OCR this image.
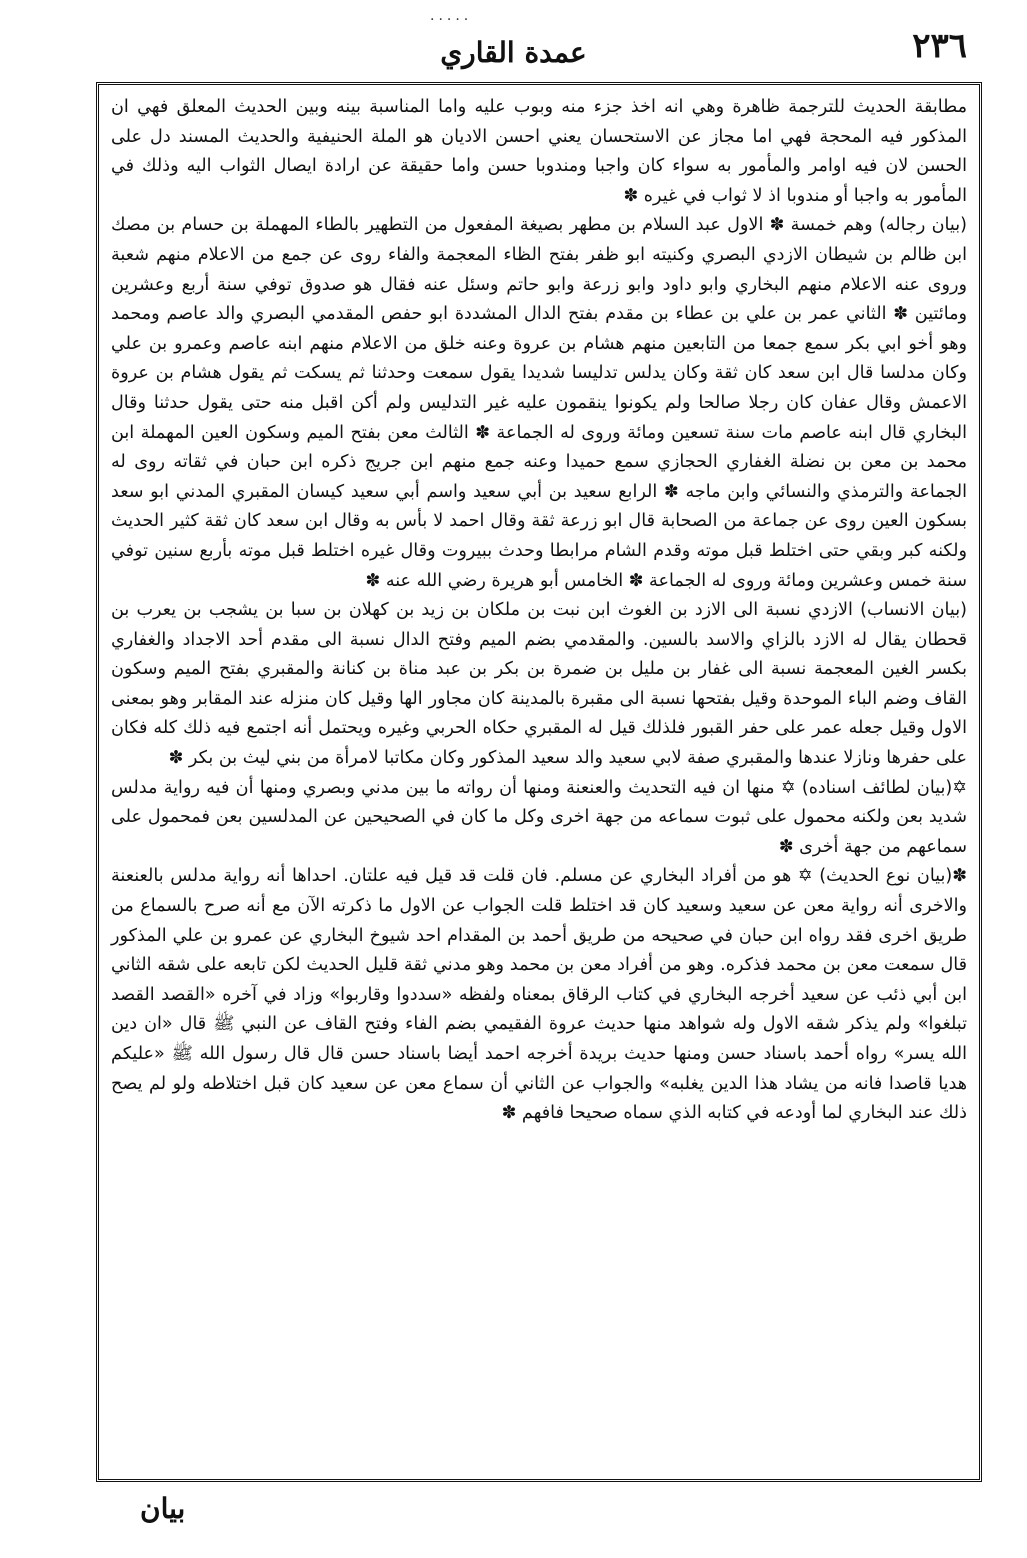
.....
عمدة القاري	٢٣٦

مطابقة الحديث للترجمة ظاهرة وهي انه اخذ جزء منه وبوب عليه واما المناسبة بينه وبين الحديث المعلق فهي ان المذكور فيه المحجة فهي اما مجاز عن الاستحسان يعني احسن الاديان هو الملة الحنيفية والحديث المسند دل على الحسن لان فيه اوامر والمأمور به سواء كان واجبا ومندوبا حسن واما حقيقة عن ارادة ايصال الثواب اليه وذلك في المأمور به واجبا أو مندوبا اذ لا ثواب في غيره ✽

(بيان رجاله) وهم خمسة ✽ الاول عبد السلام بن مطهر بصيغة المفعول من التطهير بالطاء المهملة بن حسام بن مصك ابن ظالم بن شيطان الازدي البصري وكنيته ابو ظفر بفتح الظاء المعجمة والفاء روى عن جمع من الاعلام منهم شعبة وروى عنه الاعلام منهم البخاري وابو داود وابو زرعة وابو حاتم وسئل عنه فقال هو صدوق توفي سنة أربع وعشرين ومائتين ✽ الثاني عمر بن علي بن عطاء بن مقدم بفتح الدال المشددة ابو حفص المقدمي البصري والد عاصم ومحمد وهو أخو ابي بكر سمع جمعا من التابعين منهم هشام بن عروة وعنه خلق من الاعلام منهم ابنه عاصم وعمرو بن علي وكان مدلسا قال ابن سعد كان ثقة وكان يدلس تدليسا شديدا يقول سمعت وحدثنا ثم يسكت ثم يقول هشام بن عروة الاعمش وقال عفان كان رجلا صالحا ولم يكونوا ينقمون عليه غير التدليس ولم أكن اقبل منه حتى يقول حدثنا وقال البخاري قال ابنه عاصم مات سنة تسعين ومائة وروى له الجماعة ✽ الثالث معن بفتح الميم وسكون العين المهملة ابن محمد بن معن بن نضلة الغفاري الحجازي سمع حميدا وعنه جمع منهم ابن جريج ذكره ابن حبان في ثقاته روى له الجماعة والترمذي والنسائي وابن ماجه ✽ الرابع سعيد بن أبي سعيد واسم أبي سعيد كيسان المقبري المدني ابو سعد بسكون العين روى عن جماعة من الصحابة قال ابو زرعة ثقة وقال احمد لا بأس به وقال ابن سعد كان ثقة كثير الحديث ولكنه كبر وبقي حتى اختلط قبل موته وقدم الشام مرابطا وحدث ببيروت وقال غيره اختلط قبل موته بأربع سنين توفي سنة خمس وعشرين ومائة وروى له الجماعة ✽ الخامس أبو هريرة رضي الله عنه ✽

(بيان الانساب) الازدي نسبة الى الازد بن الغوث ابن نبت بن ملكان بن زيد بن كهلان بن سبا بن يشجب بن يعرب بن قحطان يقال له الازد بالزاي والاسد بالسين. والمقدمي بضم الميم وفتح الدال نسبة الى مقدم أحد الاجداد والغفاري بكسر الغين المعجمة نسبة الى غفار بن مليل بن ضمرة بن بكر بن عبد مناة بن كنانة والمقبري بفتح الميم وسكون القاف وضم الباء الموحدة وقيل بفتحها نسبة الى مقبرة بالمدينة كان مجاور الها وقيل كان منزله عند المقابر وهو بمعنى الاول وقيل جعله عمر على حفر القبور فلذلك قيل له المقبري حكاه الحربي وغيره ويحتمل أنه اجتمع فيه ذلك كله فكان على حفرها ونازلا عندها والمقبري صفة لابي سعيد والد سعيد المذكور وكان مكاتبا لامرأة من بني ليث بن بكر ✽

✡(بيان لطائف اسناده) ✡ منها ان فيه التحديث والعنعنة ومنها أن رواته ما بين مدني وبصري ومنها أن فيه رواية مدلس شديد بعن ولكنه محمول على ثبوت سماعه من جهة اخرى وكل ما كان في الصحيحين عن المدلسين بعن فمحمول على سماعهم من جهة أخرى ✽

✽(بيان نوع الحديث) ✡ هو من أفراد البخاري عن مسلم. فان قلت قد قيل فيه علتان. احداها أنه رواية مدلس بالعنعنة والاخرى أنه رواية معن عن سعيد وسعيد كان قد اختلط قلت الجواب عن الاول ما ذكرته الآن مع أنه صرح بالسماع من طريق اخرى فقد رواه ابن حبان في صحيحه من طريق أحمد بن المقدام احد شيوخ البخاري عن عمرو بن علي المذكور قال سمعت معن بن محمد فذكره. وهو من أفراد معن بن محمد وهو مدني ثقة قليل الحديث لكن تابعه على شقه الثاني ابن أبي ذئب عن سعيد أخرجه البخاري في كتاب الرقاق بمعناه ولفظه «سددوا وقاربوا» وزاد في آخره «القصد القصد تبلغوا» ولم يذكر شقه الاول وله شواهد منها حديث عروة الفقيمي بضم الفاء وفتح القاف عن النبي ﷺ قال «ان دين الله يسر» رواه أحمد باسناد حسن ومنها حديث بريدة أخرجه احمد أيضا باسناد حسن قال قال رسول الله ﷺ «عليكم هديا قاصدا فانه من يشاد هذا الدين يغلبه» والجواب عن الثاني أن سماع معن عن سعيد كان قبل اختلاطه ولو لم يصح ذلك عند البخاري لما أودعه في كتابه الذي سماه صحيحا فافهم ✽

بيان
